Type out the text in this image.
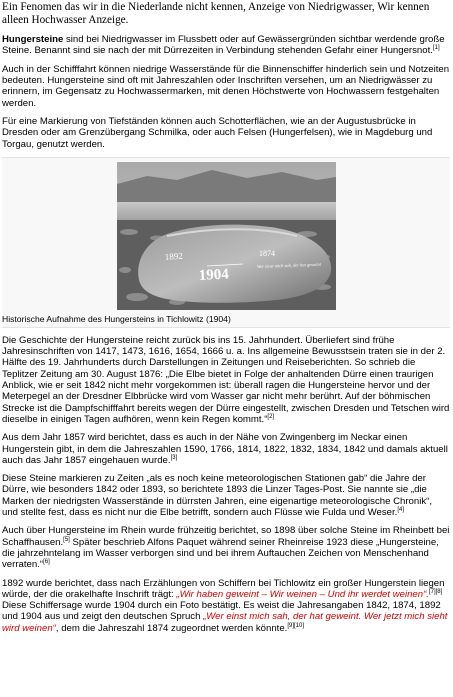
Ein Fenomen das wir in die Niederlande nicht kennen, Anzeige von Niedrigwasser, Wir kennen alleen Hochwasser Anzeige.

Hungersteine sind bei Niedrigwasser im Flussbett oder auf Gewässergründen sichtbar werdende große Steine. Benannt sind sie nach der mit Dürrezeiten in Verbindung stehenden Gefahr einer Hungersnot.[1]

Auch in der Schifffahrt können niedrige Wasserstände für die Binnenschiffer hinderlich sein und Notzeiten bedeuten. Hungersteine sind oft mit Jahreszahlen oder Inschriften versehen, um an Niedrigwässer zu erinnern, im Gegensatz zu Hochwassermarken, mit denen Höchstwerte von Hochwassern festgehalten werden.

Für eine Markierung von Tiefständen können auch Schotterflächen, wie an der Augustusbrücke in Dresden oder am Grenzübergang Schmilka, oder auch Felsen (Hungerfelsen), wie in Magdeburg und Torgau, genutzt werden.

1892	1874
1904
Wer einst mich sah, der hat geweint
Historische Aufnahme des Hungersteins in Tichlowitz (1904)

Die Geschichte der Hungersteine reicht zurück bis ins 15. Jahrhundert. Überliefert sind frühe Jahresinschriften von 1417, 1473, 1616, 1654, 1666 u. a. Ins allgemeine Bewusstsein traten sie in der 2. Hälfte des 19. Jahrhunderts durch Darstellungen in Zeitungen und Reiseberichten. So schrieb die Teplitzer Zeitung am 30. August 1876: „Die Elbe bietet in Folge der anhaltenden Dürre einen traurigen Anblick, wie er seit 1842 nicht mehr vorgekommen ist: überall ragen die Hungersteine hervor und der Meterpegel an der Dresdner Elbbrücke wird vom Wasser gar nicht mehr berührt. Auf der böhmischen Strecke ist die Dampfschifffahrt bereits wegen der Dürre eingestellt, zwischen Dresden und Tetschen wird dieselbe in einigen Tagen aufhören, wenn kein Regen kommt.“[2]

Aus dem Jahr 1857 wird berichtet, dass es auch in der Nähe von Zwingenberg im Neckar einen Hungerstein gibt, in dem die Jahreszahlen 1590, 1766, 1814, 1822, 1832, 1834, 1842 und damals aktuell auch das Jahr 1857 eingehauen wurde.[3]

Diese Steine markieren zu Zeiten „als es noch keine meteorologischen Stationen gab“ die Jahre der Dürre, wie besonders 1842 oder 1893, so berichtete 1893 die Linzer Tages-Post. Sie nannte sie „die Marken der niedrigsten Wasserstände in dürrsten Jahren, eine eigenartige meteorologische Chronik“, und stellte fest, dass es nicht nur die Elbe betrifft, sondern auch Flüsse wie Fulda und Weser.[4]

Auch über Hungersteine im Rhein wurde frühzeitig berichtet, so 1898 über solche Steine im Rheinbett bei Schaffhausen.[5] Später beschrieb Alfons Paquet während seiner Rheinreise 1923 diese „Hungersteine, die jahrzehntelang im Wasser verborgen sind und bei ihrem Auftauchen Zeichen von Menschenhand verraten.“[6]

1892 wurde berichtet, dass nach Erzählungen von Schiffern bei Tichlowitz ein großer Hungerstein liegen würde, der die orakelhafte Inschrift trägt: „Wir haben geweint – Wir weinen – Und ihr werdet weinen“.[7][8] Diese Schiffersage wurde 1904 durch ein Foto bestätigt. Es weist die Jahresangaben 1842, 1874, 1892 und 1904 aus und zeigt den deutschen Spruch „Wer einst mich sah, der hat geweint. Wer jetzt mich sieht wird weinen“, dem die Jahreszahl 1874 zugeordnet werden könnte.[9][10]
